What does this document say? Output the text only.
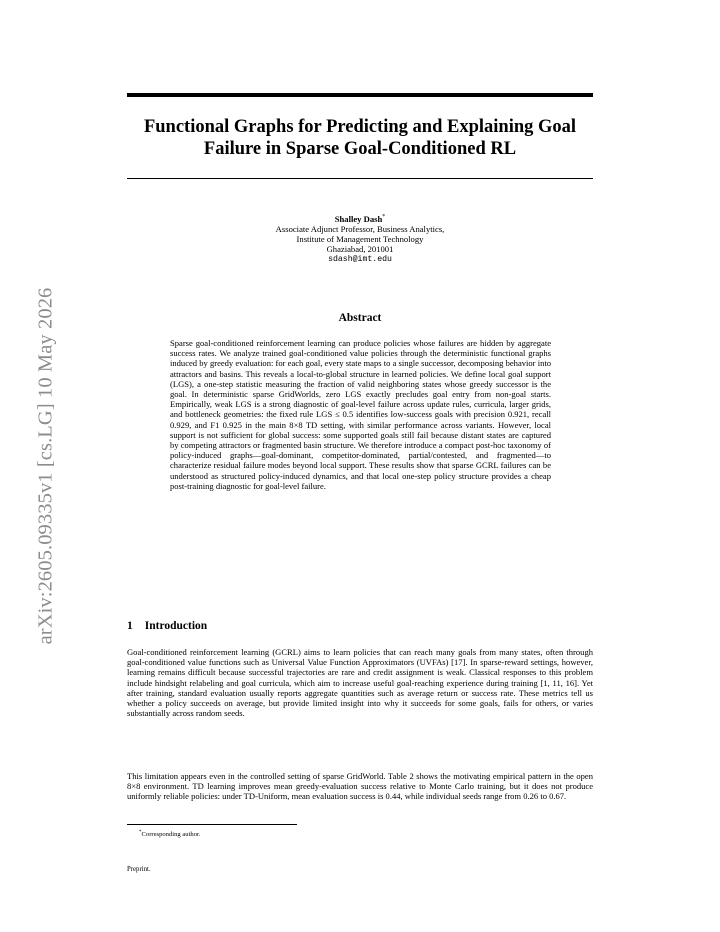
arXiv:2605.09335v1 [cs.LG] 10 May 2026
Functional Graphs for Predicting and Explaining Goal Failure in Sparse Goal-Conditioned RL
Shalley Dash*
Associate Adjunct Professor, Business Analytics,
Institute of Management Technology
Ghaziabad, 201001
sdash@imt.edu
Abstract
Sparse goal-conditioned reinforcement learning can produce policies whose failures are hidden by aggregate success rates. We analyze trained goal-conditioned value policies through the deterministic functional graphs induced by greedy evaluation: for each goal, every state maps to a single successor, decomposing behavior into attractors and basins. This reveals a local-to-global structure in learned policies. We define local goal support (LGS), a one-step statistic measuring the fraction of valid neighboring states whose greedy successor is the goal. In deterministic sparse GridWorlds, zero LGS exactly precludes goal entry from non-goal starts. Empirically, weak LGS is a strong diagnostic of goal-level failure across update rules, curricula, larger grids, and bottleneck geometries: the fixed rule LGS ≤ 0.5 identifies low-success goals with precision 0.921, recall 0.929, and F1 0.925 in the main 8×8 TD setting, with similar performance across variants. However, local support is not sufficient for global success: some supported goals still fail because distant states are captured by competing attractors or fragmented basin structure. We therefore introduce a compact post-hoc taxonomy of policy-induced graphs—goal-dominant, competitor-dominated, partial/contested, and fragmented—to characterize residual failure modes beyond local support. These results show that sparse GCRL failures can be understood as structured policy-induced dynamics, and that local one-step policy structure provides a cheap post-training diagnostic for goal-level failure.
1 Introduction
Goal-conditioned reinforcement learning (GCRL) aims to learn policies that can reach many goals from many states, often through goal-conditioned value functions such as Universal Value Function Approximators (UVFAs) [17]. In sparse-reward settings, however, learning remains difficult because successful trajectories are rare and credit assignment is weak. Classical responses to this problem include hindsight relabeling and goal curricula, which aim to increase useful goal-reaching experience during training [1, 11, 16]. Yet after training, standard evaluation usually reports aggregate quantities such as average return or success rate. These metrics tell us whether a policy succeeds on average, but provide limited insight into why it succeeds for some goals, fails for others, or varies substantially across random seeds.
This limitation appears even in the controlled setting of sparse GridWorld. Table 2 shows the motivating empirical pattern in the open 8×8 environment. TD learning improves mean greedy-evaluation success relative to Monte Carlo training, but it does not produce uniformly reliable policies: under TD-Uniform, mean evaluation success is 0.44, while individual seeds range from 0.26 to 0.67.
*Corresponding author.
Preprint.
